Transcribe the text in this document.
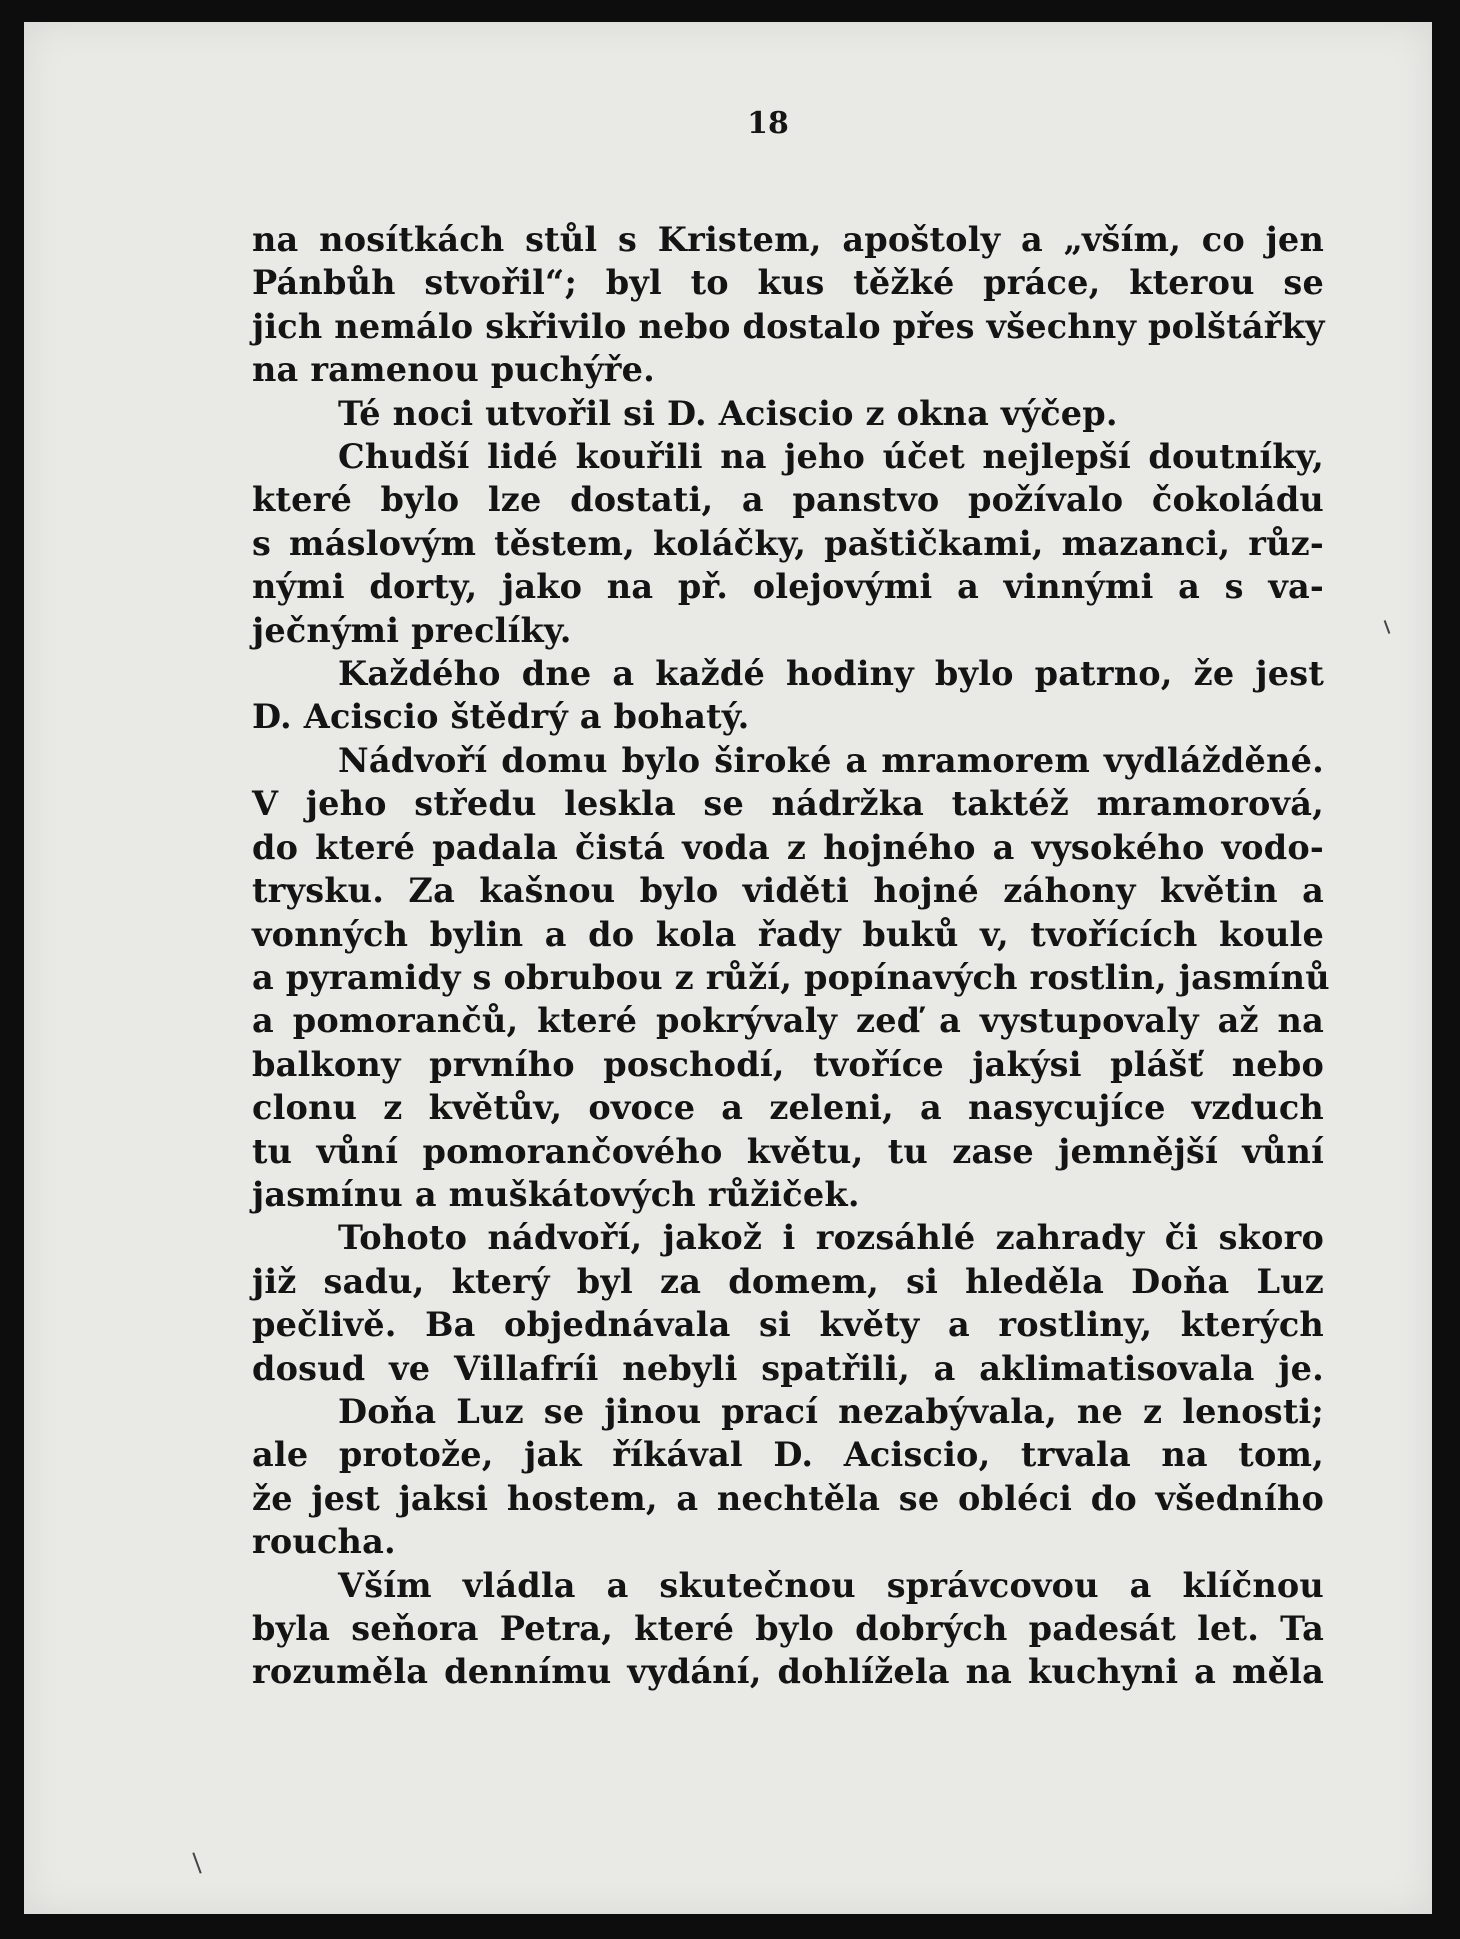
18
na nosítkách stůl s Kristem, apoštoly a „vším, co jen
Pánbůh stvořil“; byl to kus těžké práce, kterou se
jich nemálo skřivilo nebo dostalo přes všechny polštářky
na ramenou puchýře.
Té noci utvořil si D. Aciscio z okna výčep.
Chudší lidé kouřili na jeho účet nejlepší doutníky,
které bylo lze dostati, a panstvo požívalo čokoládu
s máslovým těstem, koláčky, paštičkami, mazanci, růz-
nými dorty, jako na př. olejovými a vinnými a s va-
ječnými preclíky.
Každého dne a každé hodiny bylo patrno, že jest
D. Aciscio štědrý a bohatý.
Nádvoří domu bylo široké a mramorem vydlážděné.
V jeho středu leskla se nádržka taktéž mramorová,
do které padala čistá voda z hojného a vysokého vodo-
trysku. Za kašnou bylo viděti hojné záhony květin a
vonných bylin a do kola řady buků v, tvořících koule
a pyramidy s obrubou z růží, popínavých rostlin, jasmínů
a pomorančů, které pokrývaly zeď a vystupovaly až na
balkony prvního poschodí, tvoříce jakýsi plášť nebo
clonu z květův, ovoce a zeleni, a nasycujíce vzduch
tu vůní pomorančového květu, tu zase jemnější vůní
jasmínu a muškátových růžiček.
Tohoto nádvoří, jakož i rozsáhlé zahrady či skoro
již sadu, který byl za domem, si hleděla Doňa Luz
pečlivě. Ba objednávala si květy a rostliny, kterých
dosud ve Villafríi nebyli spatřili, a aklimatisovala je.
Doňa Luz se jinou prací nezabývala, ne z lenosti;
ale protože, jak říkával D. Aciscio, trvala na tom,
že jest jaksi hostem, a nechtěla se obléci do všedního
roucha.
Vším vládla a skutečnou správcovou a klíčnou
byla seňora Petra, které bylo dobrých padesát let. Ta
rozuměla dennímu vydání, dohlížela na kuchyni a měla
